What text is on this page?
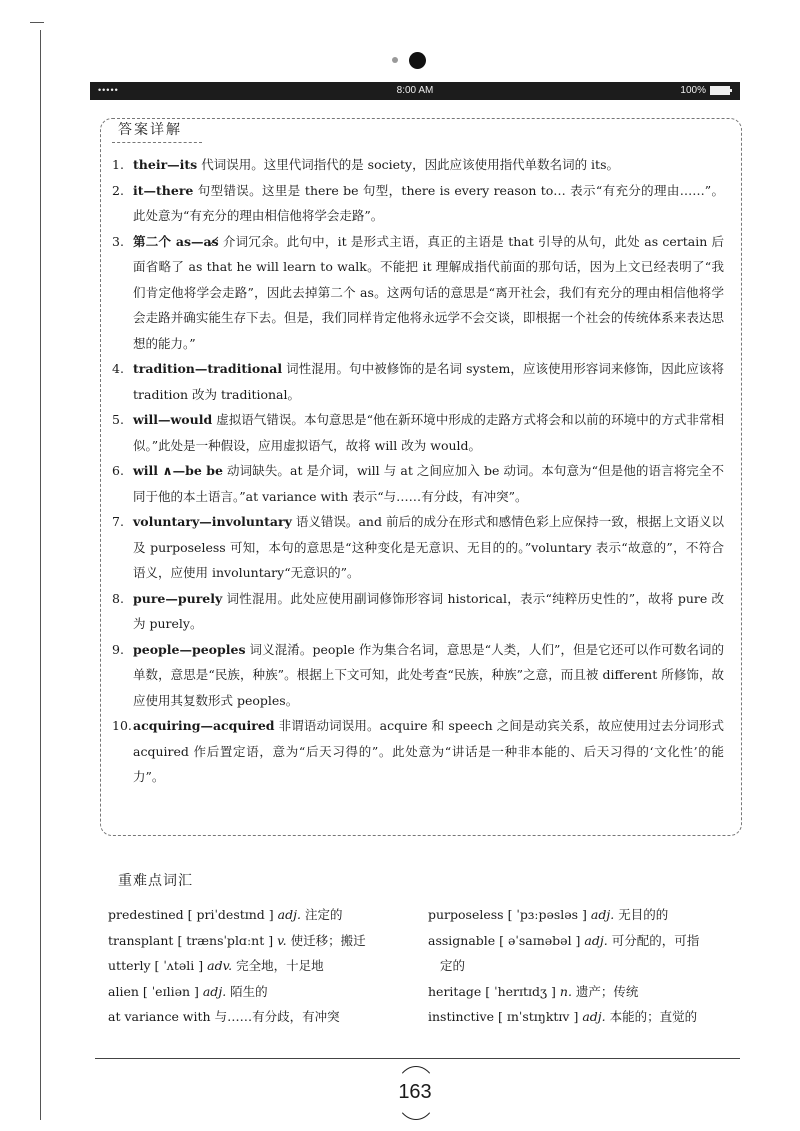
•••••	8:00 AM	100%
答案详解
1. their—its 代词误用。这里代词指代的是 society，因此应该使用指代单数名词的 its。
2. it—there 句型错误。这里是 there be 句型，there is every reason to… 表示“有充分的理由……”。此处意为“有充分的理由相信他将学会走路”。
3. 第二个 as—as̸ 介词冗余。此句中，it 是形式主语，真正的主语是 that 引导的从句，此处 as certain 后面省略了 as that he will learn to walk。不能把 it 理解成指代前面的那句话，因为上文已经表明了“我们肯定他将学会走路”，因此去掉第二个 as。这两句话的意思是“离开社会，我们有充分的理由相信他将学会走路并确实能生存下去。但是，我们同样肯定他将永远学不会交谈，即根据一个社会的传统体系来表达思想的能力。”
4. tradition—traditional 词性混用。句中被修饰的是名词 system，应该使用形容词来修饰，因此应该将 tradition 改为 traditional。
5. will—would 虚拟语气错误。本句意思是“他在新环境中形成的走路方式将会和以前的环境中的方式非常相似。”此处是一种假设，应用虚拟语气，故将 will 改为 would。
6. will ∧—be be 动词缺失。at 是介词，will 与 at 之间应加入 be 动词。本句意为“但是他的语言将完全不同于他的本土语言。”at variance with 表示“与……有分歧，有冲突”。
7. voluntary—involuntary 语义错误。and 前后的成分在形式和感情色彩上应保持一致，根据上文语义以及 purposeless 可知，本句的意思是“这种变化是无意识、无目的的。”voluntary 表示“故意的”，不符合语义，应使用 involuntary“无意识的”。
8. pure—purely 词性混用。此处应使用副词修饰形容词 historical，表示“纯粹历史性的”，故将 pure 改为 purely。
9. people—peoples 词义混淆。people 作为集合名词，意思是“人类，人们”，但是它还可以作可数名词的单数，意思是“民族，种族”。根据上下文可知，此处考查“民族，种族”之意，而且被 different 所修饰，故应使用其复数形式 peoples。
10. acquiring—acquired 非谓语动词误用。acquire 和 speech 之间是动宾关系，故应使用过去分词形式 acquired 作后置定语，意为“后天习得的”。此处意为“讲话是一种非本能的、后天习得的‘文化性’的能力”。
重难点词汇
predestined [ priˈdestɪnd ] adj. 注定的
transplant [ trænsˈplɑːnt ] v. 使迁移；搬迁
utterly [ ˈʌtəli ] adv. 完全地，十足地
alien [ ˈeɪliən ] adj. 陌生的
at variance with 与……有分歧，有冲突
purposeless [ ˈpɜːpəsləs ] adj. 无目的的
assignable [ əˈsaɪnəbəl ] adj. 可分配的，可指
定的
heritage [ ˈherɪtɪdʒ ] n. 遗产；传统
instinctive [ ɪnˈstɪŋktɪv ] adj. 本能的；直觉的
163
